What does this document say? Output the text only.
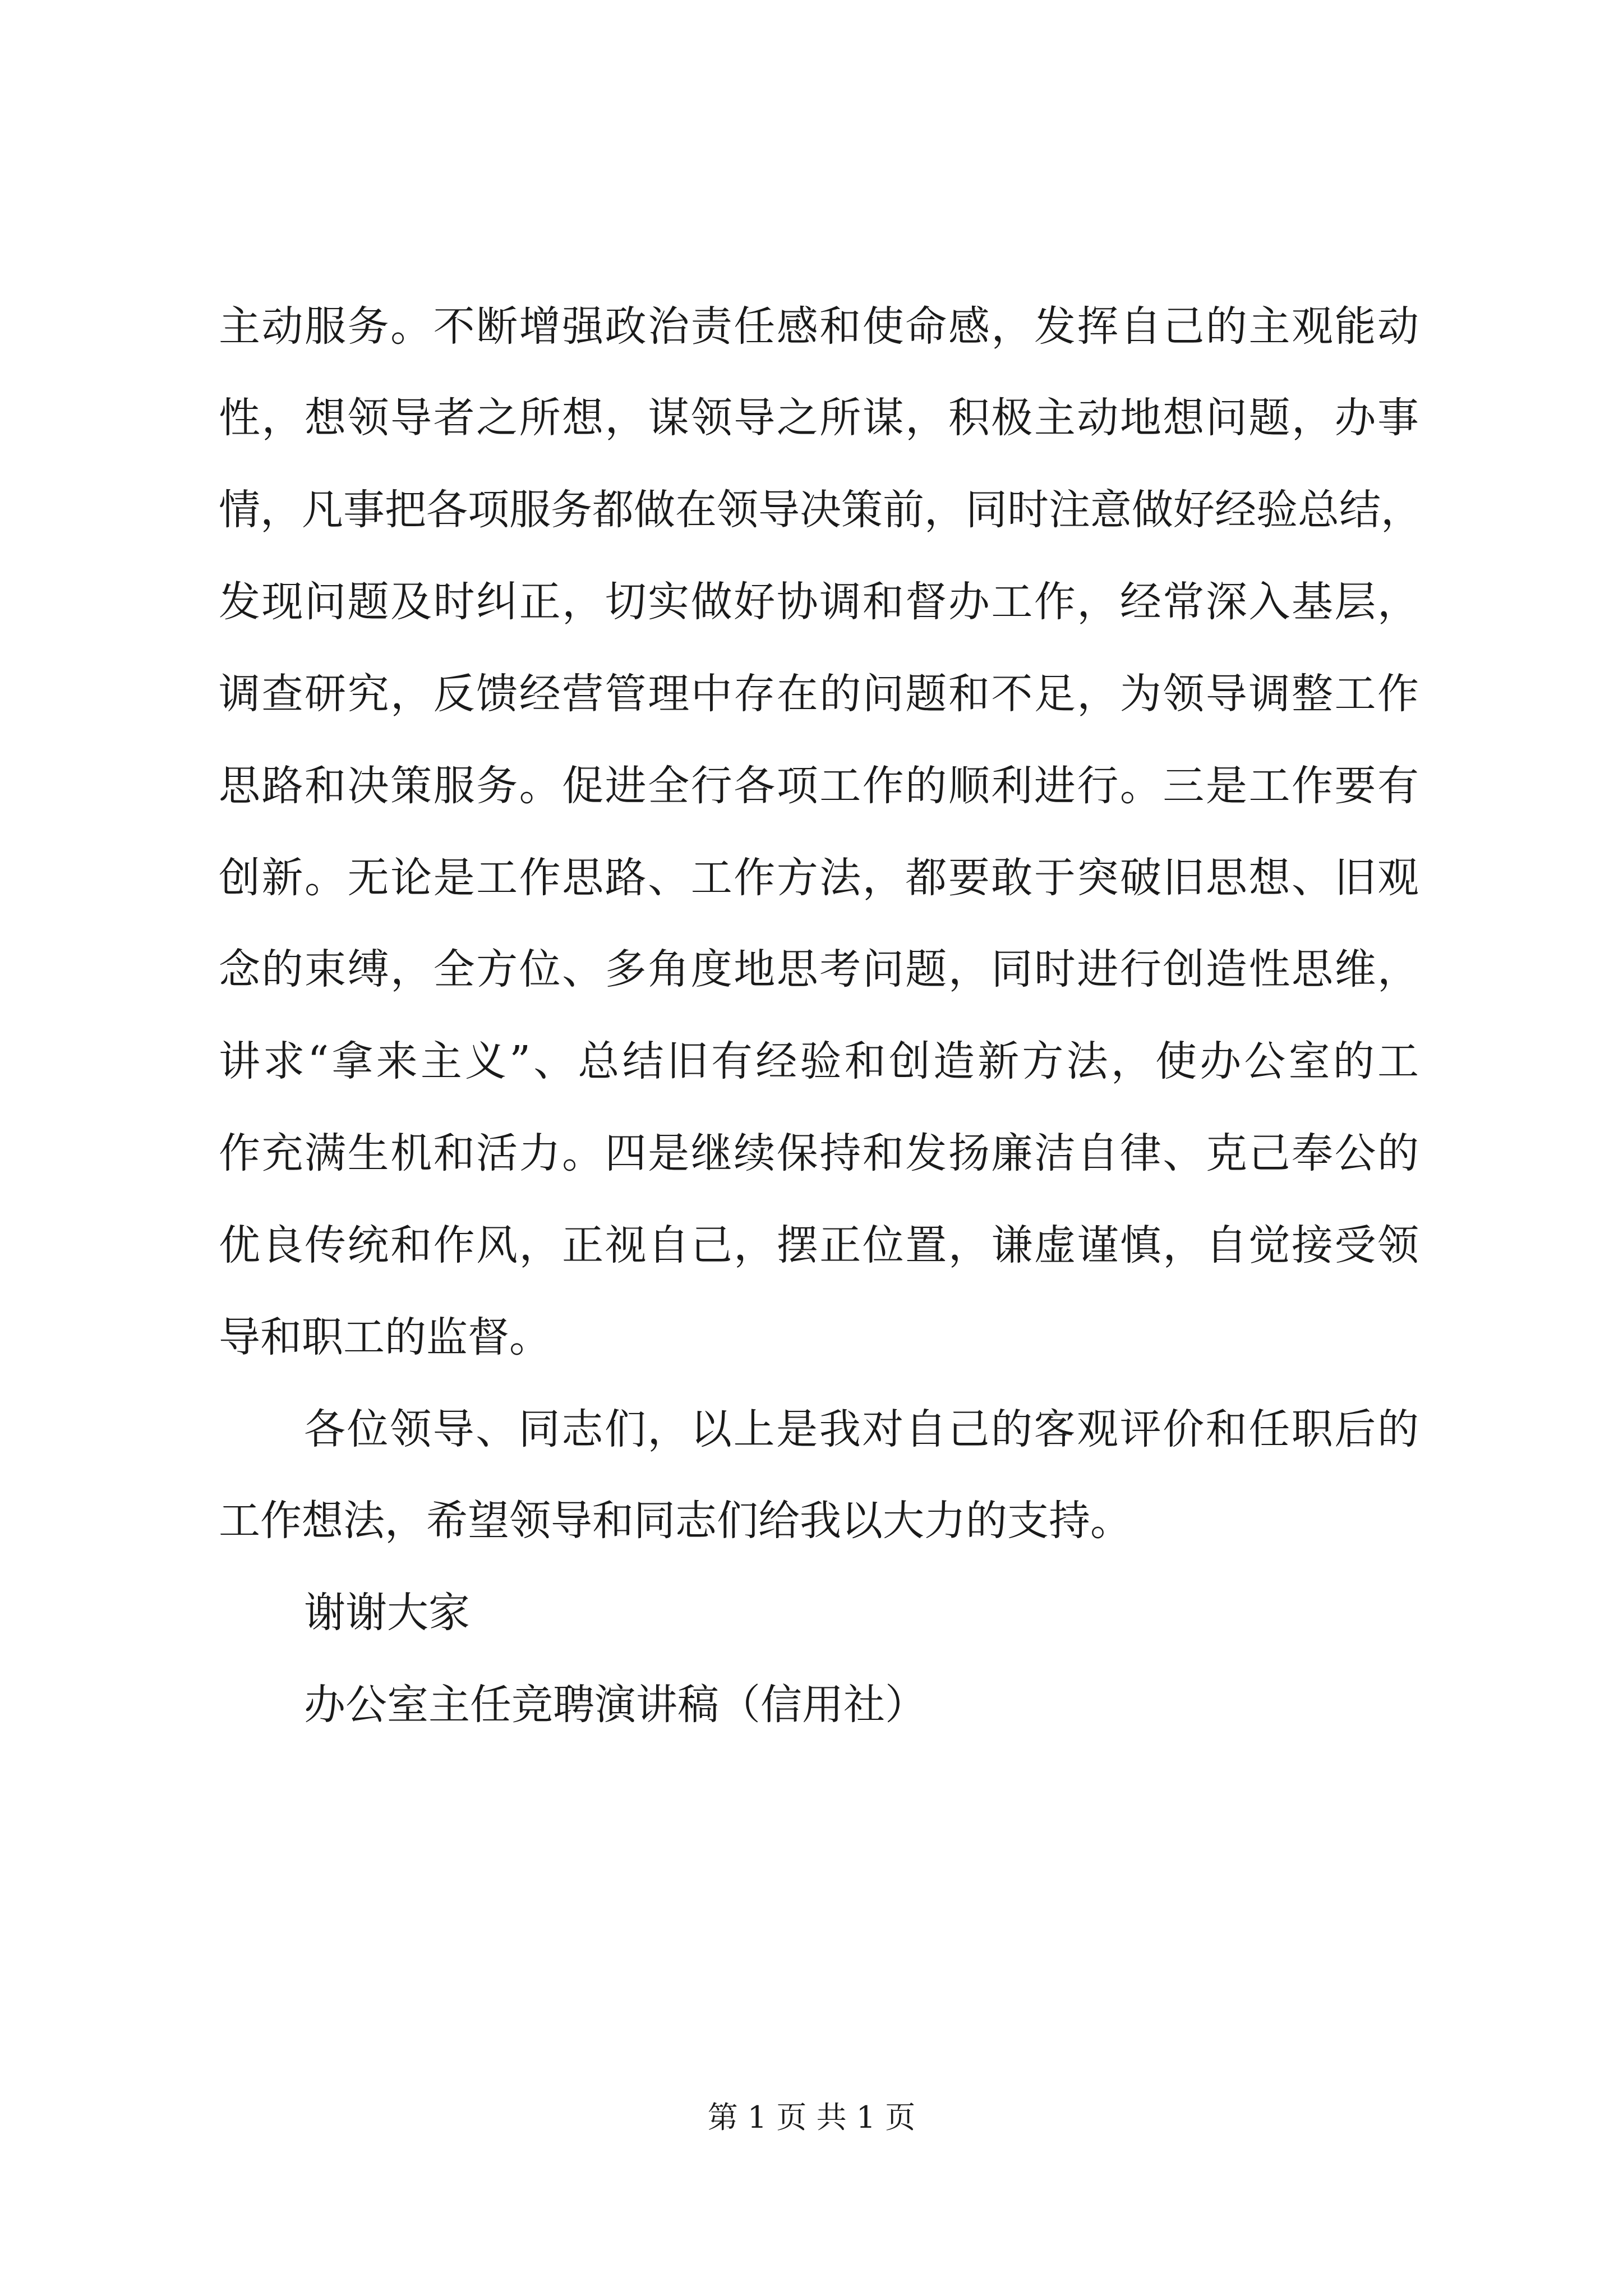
主动服务。不断增强政治责任感和使命感，发挥自己的主观能动
性，想领导者之所想，谋领导之所谋，积极主动地想问题，办事
情，凡事把各项服务都做在领导决策前，同时注意做好经验总结，
发现问题及时纠正，切实做好协调和督办工作，经常深入基层，
调查研究，反馈经营管理中存在的问题和不足，为领导调整工作
思路和决策服务。促进全行各项工作的顺利进行。三是工作要有
创新。无论是工作思路、工作方法，都要敢于突破旧思想、旧观
念的束缚，全方位、多角度地思考问题，同时进行创造性思维，
讲求“拿来主义”、总结旧有经验和创造新方法，使办公室的工
作充满生机和活力。四是继续保持和发扬廉洁自律、克己奉公的
优良传统和作风，正视自己，摆正位置，谦虚谨慎，自觉接受领
导和职工的监督。
各位领导、同志们，以上是我对自己的客观评价和任职后的
工作想法，希望领导和同志们给我以大力的支持。
谢谢大家
办公室主任竞聘演讲稿（信用社）
第 1 页 共 1 页
